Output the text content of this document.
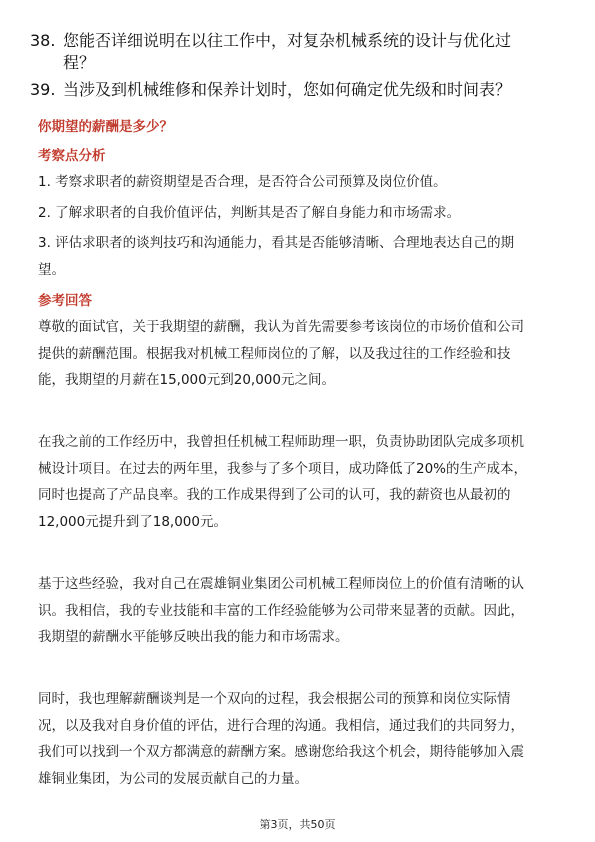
38. 您能否详细说明在以往工作中，对复杂机械系统的设计与优化过
程？
39. 当涉及到机械维修和保养计划时，您如何确定优先级和时间表？
你期望的薪酬是多少？
考察点分析
1. 考察求职者的薪资期望是否合理，是否符合公司预算及岗位价值。
2. 了解求职者的自我价值评估，判断其是否了解自身能力和市场需求。
3. 评估求职者的谈判技巧和沟通能力，看其是否能够清晰、合理地表达自己的期
望。
参考回答
尊敬的面试官，关于我期望的薪酬，我认为首先需要参考该岗位的市场价值和公司
提供的薪酬范围。根据我对机械工程师岗位的了解，以及我过往的工作经验和技
能，我期望的月薪在15,000元到20,000元之间。
在我之前的工作经历中，我曾担任机械工程师助理一职，负责协助团队完成多项机
械设计项目。在过去的两年里，我参与了多个项目，成功降低了20%的生产成本，
同时也提高了产品良率。我的工作成果得到了公司的认可，我的薪资也从最初的
12,000元提升到了18,000元。
基于这些经验，我对自己在震雄铜业集团公司机械工程师岗位上的价值有清晰的认
识。我相信，我的专业技能和丰富的工作经验能够为公司带来显著的贡献。因此，
我期望的薪酬水平能够反映出我的能力和市场需求。
同时，我也理解薪酬谈判是一个双向的过程，我会根据公司的预算和岗位实际情
况，以及我对自身价值的评估，进行合理的沟通。我相信，通过我们的共同努力，
我们可以找到一个双方都满意的薪酬方案。感谢您给我这个机会，期待能够加入震
雄铜业集团，为公司的发展贡献自己的力量。
第3页，共50页
